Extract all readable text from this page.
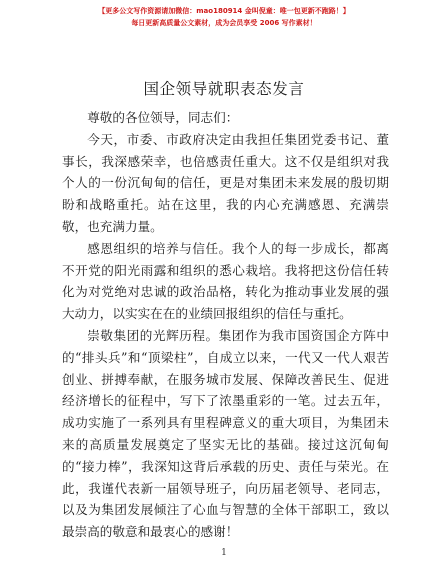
【更多公文写作资源请加微信：mao180914 金叫倪童：唯一包更新不跑路！】
每日更新高质量公文素材，成为会员享受 2006 写作素材！
国企领导就职表态发言

尊敬的各位领导，同志们：

今天，市委、市政府决定由我担任集团党委书记、董事长，我深感荣幸，也倍感责任重大。这不仅是组织对我个人的一份沉甸甸的信任，更是对集团未来发展的殷切期盼和战略重托。站在这里，我的内心充满感恩、充满崇敬，也充满力量。

感恩组织的培养与信任。我个人的每一步成长，都离不开党的阳光雨露和组织的悉心栽培。我将把这份信任转化为对党绝对忠诚的政治品格，转化为推动事业发展的强大动力，以实实在在的业绩回报组织的信任与重托。

崇敬集团的光辉历程。集团作为我市国资国企方阵中的“排头兵”和“顶梁柱”，自成立以来，一代又一代人艰苦创业、拼搏奉献，在服务城市发展、保障改善民生、促进经济增长的征程中，写下了浓墨重彩的一笔。过去五年，成功实施了一系列具有里程碑意义的重大项目，为集团未来的高质量发展奠定了坚实无比的基础。接过这沉甸甸的“接力棒”，我深知这背后承载的历史、责任与荣光。在此，我谨代表新一届领导班子，向历届老领导、老同志，以及为集团发展倾注了心血与智慧的全体干部职工，致以最崇高的敬意和最衷心的感谢！

1
